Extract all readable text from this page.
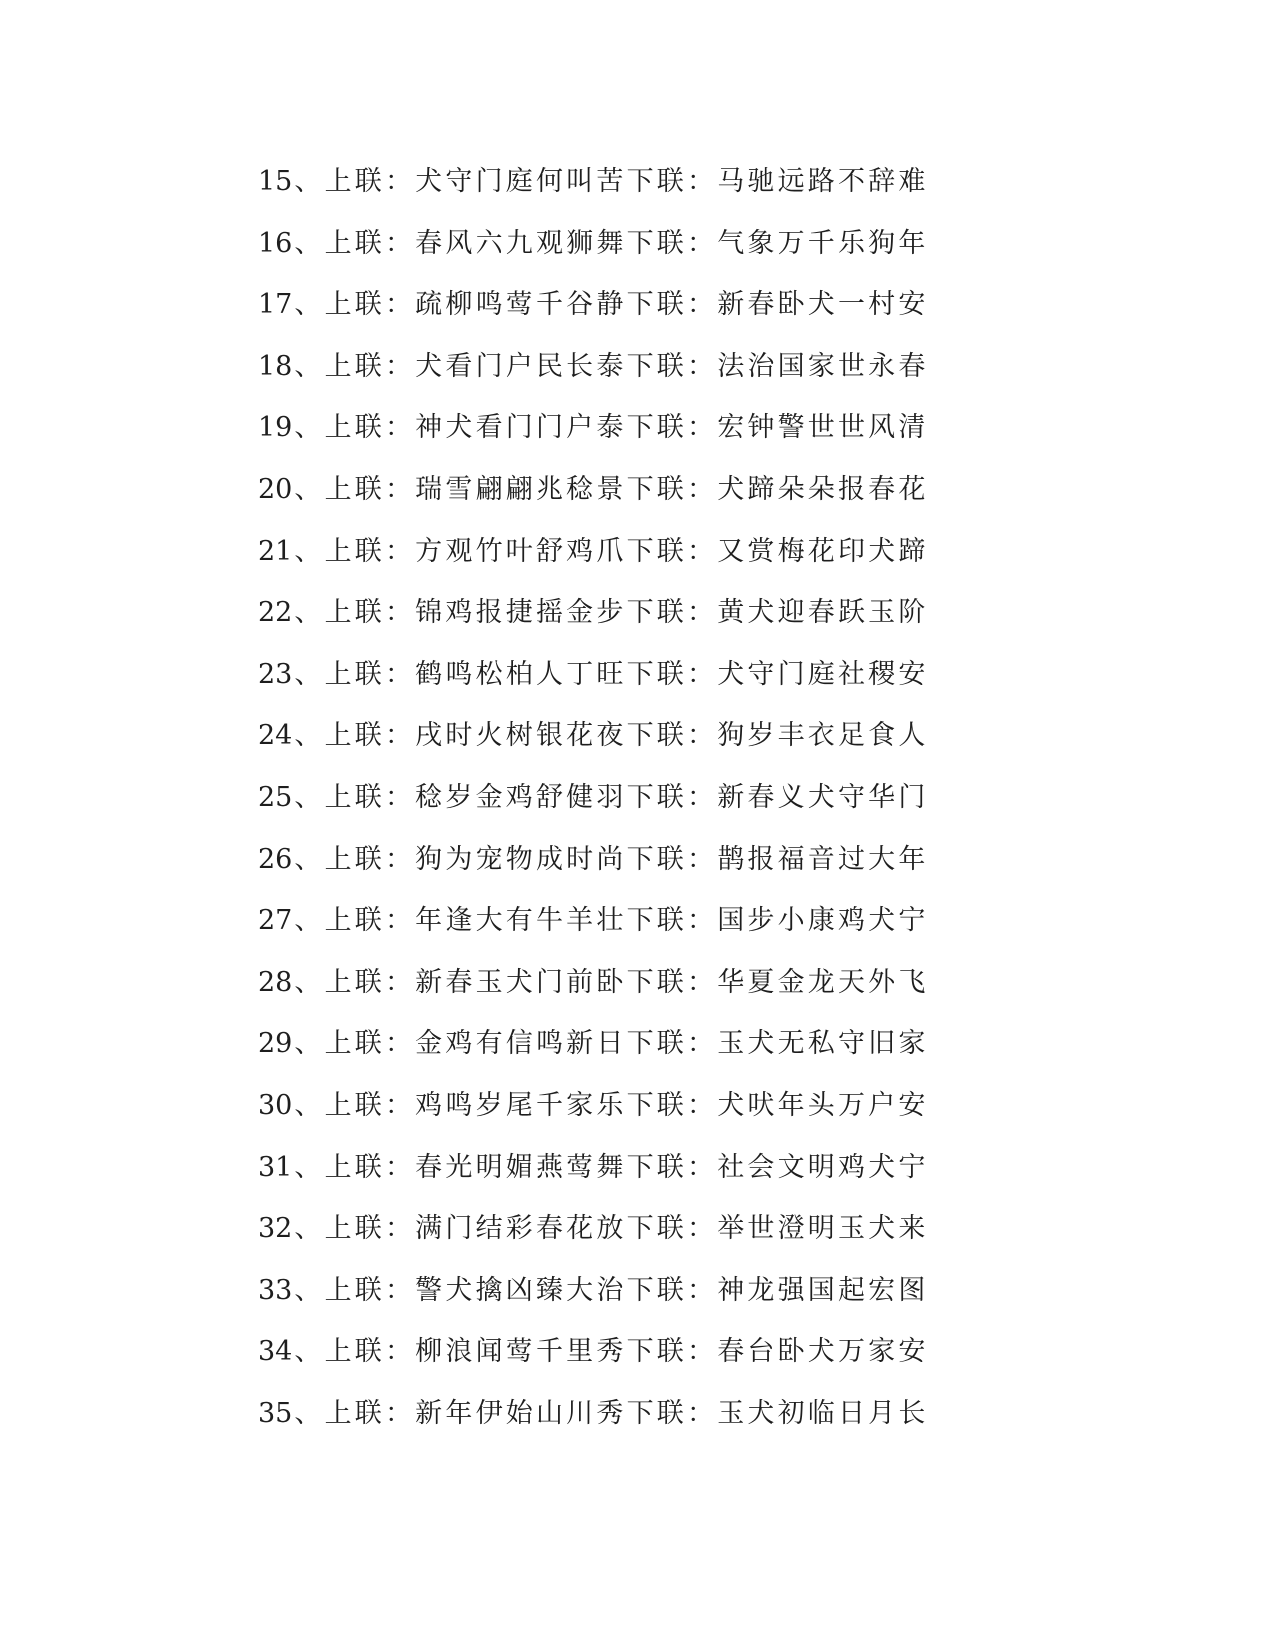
15、上联：犬守门庭何叫苦下联：马驰远路不辞难
16、上联：春风六九观狮舞下联：气象万千乐狗年
17、上联：疏柳鸣莺千谷静下联：新春卧犬一村安
18、上联：犬看门户民长泰下联：法治国家世永春
19、上联：神犬看门门户泰下联：宏钟警世世风清
20、上联：瑞雪翩翩兆稔景下联：犬蹄朵朵报春花
21、上联：方观竹叶舒鸡爪下联：又赏梅花印犬蹄
22、上联：锦鸡报捷摇金步下联：黄犬迎春跃玉阶
23、上联：鹤鸣松柏人丁旺下联：犬守门庭社稷安
24、上联：戌时火树银花夜下联：狗岁丰衣足食人
25、上联：稔岁金鸡舒健羽下联：新春义犬守华门
26、上联：狗为宠物成时尚下联：鹊报福音过大年
27、上联：年逢大有牛羊壮下联：国步小康鸡犬宁
28、上联：新春玉犬门前卧下联：华夏金龙天外飞
29、上联：金鸡有信鸣新日下联：玉犬无私守旧家
30、上联：鸡鸣岁尾千家乐下联：犬吠年头万户安
31、上联：春光明媚燕莺舞下联：社会文明鸡犬宁
32、上联：满门结彩春花放下联：举世澄明玉犬来
33、上联：警犬擒凶臻大治下联：神龙强国起宏图
34、上联：柳浪闻莺千里秀下联：春台卧犬万家安
35、上联：新年伊始山川秀下联：玉犬初临日月长
